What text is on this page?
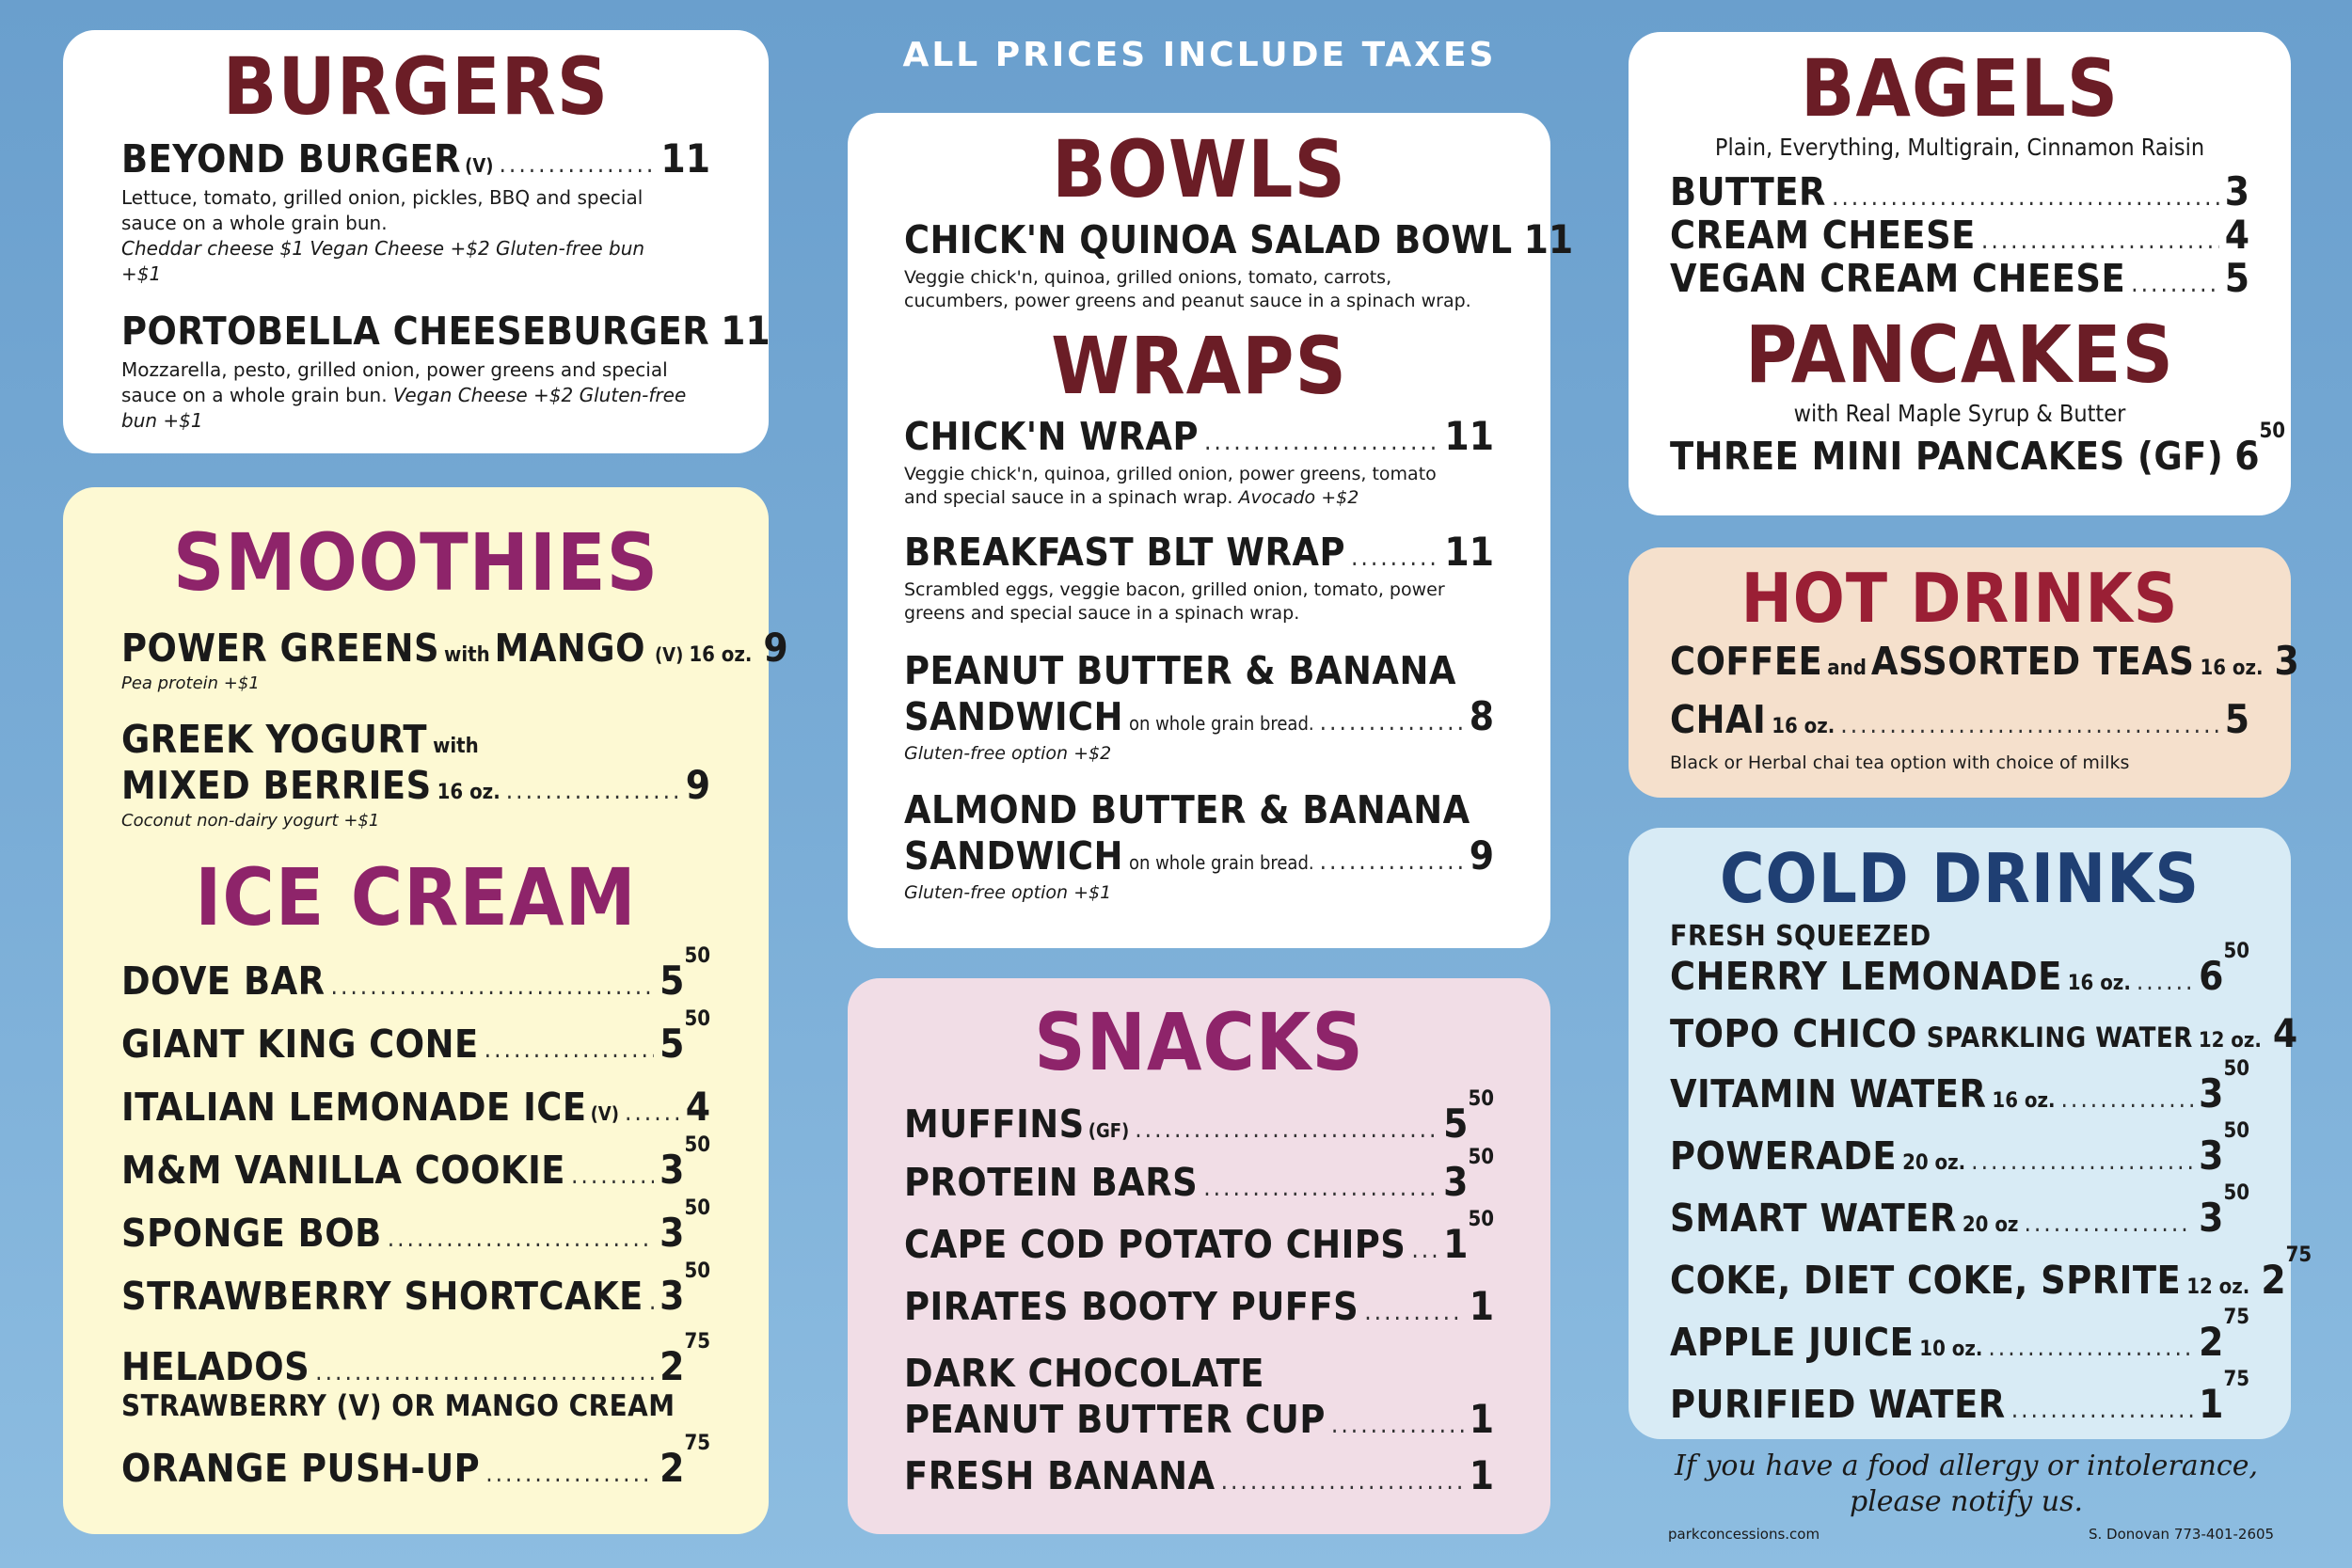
ALL PRICES INCLUDE TAXES
BURGERS
BEYOND BURGER (V) .....	11
Lettuce, tomato, grilled onion, pickles, BBQ and special sauce on a whole grain bun.
Cheddar cheese $1 Vegan Cheese +$2 Gluten-free bun +$1
PORTOBELLA CHEESEBURGER 11
Mozzarella, pesto, grilled onion, power greens and special sauce on a whole grain bun. Vegan Cheese +$2 Gluten-free bun +$1
SMOOTHIES
POWER GREENS with MANGO (V) 16 oz. 9
Pea protein +$1
GREEK YOGURT with
MIXED BERRIES 16 oz. .....	9
Coconut non-dairy yogurt +$1
ICE CREAM
DOVE BAR .....	$5^{50}$
GIANT KING CONE .....	$5^{50}$
ITALIAN LEMONADE ICE (V) ..... 4
M&M VANILLA COOKIE ..... $3^{50}$
SPONGE BOB .....	$3^{50}$
STRAWBERRY SHORTCAKE ..... $3^{50}$
HELADOS .....	$2^{75}$
STRAWBERRY (V) OR MANGO CREAM
ORANGE PUSH-UP .....	$2^{75}$
BOWLS
CHICK'N QUINOA SALAD BOWL 11
Veggie chick'n, quinoa, grilled onions, tomato, carrots, cucumbers, power greens and peanut sauce in a spinach wrap.
WRAPS
CHICK'N WRAP .....	11
Veggie chick'n, quinoa, grilled onion, power greens, tomato and special sauce in a spinach wrap. Avocado +$2
BREAKFAST BLT WRAP .....	11
Scrambled eggs, veggie bacon, grilled onion, tomato, power greens and special sauce in a spinach wrap.
PEANUT BUTTER & BANANA
SANDWICH on whole grain bread. .....	8
Gluten-free option +$2
ALMOND BUTTER & BANANA
SANDWICH on whole grain bread. .....	9
Gluten-free option +$1
SNACKS
MUFFINS (GF) .....	$5^{50}$
PROTEIN BARS .....	$3^{50}$
CAPE COD POTATO CHIPS ..... $1^{50}$
PIRATES BOOTY PUFFS .....	1
DARK CHOCOLATE
PEANUT BUTTER CUP .....	1
FRESH BANANA .....	1
BAGELS
Plain, Everything, Multigrain, Cinnamon Raisin
BUTTER .....	3
CREAM CHEESE .....	4
VEGAN CREAM CHEESE .....	5
PANCAKES
with Real Maple Syrup & Butter
THREE MINI PANCAKES (GF) $6^{50}$
HOT DRINKS
COFFEE and ASSORTED TEAS 16 oz. 3
CHAI 16 oz. .....	5
Black or Herbal chai tea option with choice of milks
COLD DRINKS
FRESH SQUEEZED
CHERRY LEMONADE 16 oz. ..... $6^{50}$
TOPO CHICO SPARKLING WATER 12 oz. 4
VITAMIN WATER 16 oz. .....	$3^{50}$
POWERADE 20 oz. .....	$3^{50}$
SMART WATER 20 oz .....	$3^{50}$
COKE, DIET COKE, SPRITE 12 oz. $2^{75}$
APPLE JUICE 10 oz. .....	$2^{75}$
PURIFIED WATER .....	$1^{75}$
If you have a food allergy or intolerance,
please notify us.
parkconcessions.com	S. Donovan 773-401-2605
